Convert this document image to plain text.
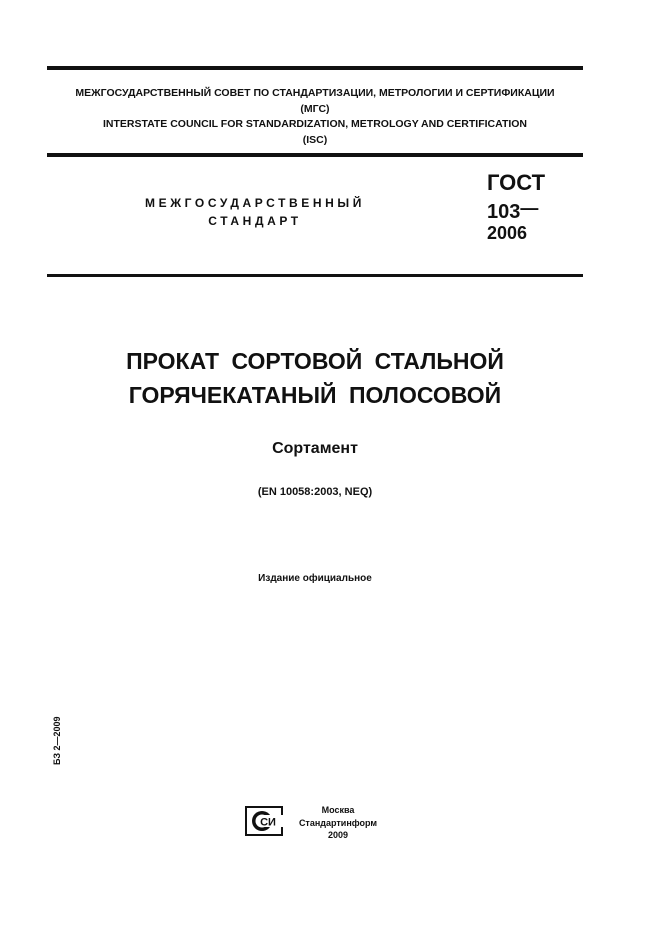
МЕЖГОСУДАРСТВЕННЫЙ СОВЕТ ПО СТАНДАРТИЗАЦИИ, МЕТРОЛОГИИ И СЕРТИФИКАЦИИ
(МГС)
INTERSTATE COUNCIL FOR STANDARDIZATION, METROLOGY AND CERTIFICATION
(ISC)
МЕЖГОСУДАРСТВЕННЫЙ
СТАНДАРТ
ГОСТ
103—
2006
ПРОКАТ СОРТОВОЙ СТАЛЬНОЙ
ГОРЯЧЕКАТАНЫЙ ПОЛОСОВОЙ
Сортамент
(EN 10058:2003, NEQ)
Издание официальное
БЗ 2—2009
СИ
Москва
Стандартинформ
2009
